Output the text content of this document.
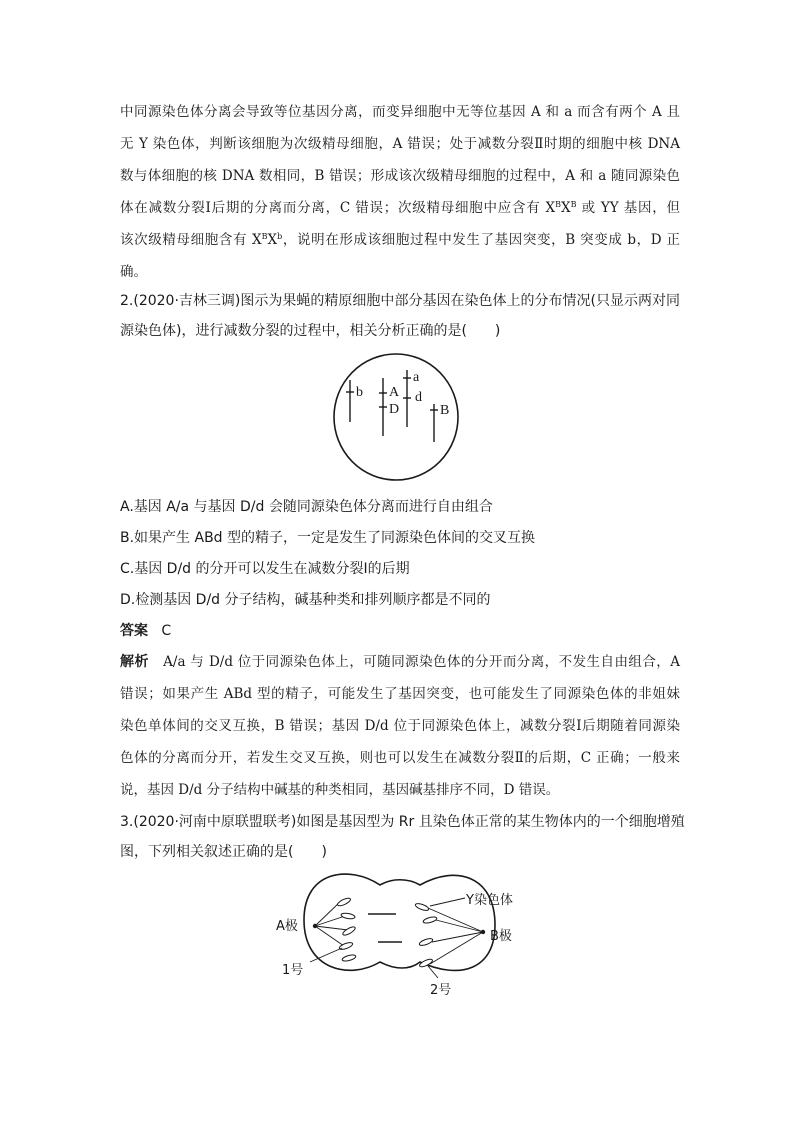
中同源染色体分离会导致等位基因分离，而变异细胞中无等位基因 A 和 a 而含有两个 A 且
无 Y 染色体，判断该细胞为次级精母细胞，A 错误；处于减数分裂Ⅱ时期的细胞中核 DNA
数与体细胞的核 DNA 数相同，B 错误；形成该次级精母细胞的过程中，A 和 a 随同源染色
体在减数分裂Ⅰ后期的分离而分离，C 错误；次级精母细胞中应含有 $X^BX^B$ 或 YY 基因，但
该次级精母细胞含有 $X^BX^b$，说明在形成该细胞过程中发生了基因突变，B 突变成 b，D 正
确。
2.(2020·吉林三调)图示为果蝇的精原细胞中部分基因在染色体上的分布情况(只显示两对同
源染色体)，进行减数分裂的过程中，相关分析正确的是(　　)
b A
D
a
d
B
A.基因 A/a 与基因 D/d 会随同源染色体分离而进行自由组合
B.如果产生 ABd 型的精子，一定是发生了同源染色体间的交叉互换
C.基因 D/d 的分开可以发生在减数分裂Ⅰ的后期
D.检测基因 D/d 分子结构，碱基种类和排列顺序都是不同的
答案 C
解析 A/a 与 D/d 位于同源染色体上，可随同源染色体的分开而分离，不发生自由组合，A
错误；如果产生 ABd 型的精子，可能发生了基因突变，也可能发生了同源染色体的非姐妹
染色单体间的交叉互换，B 错误；基因 D/d 位于同源染色体上，减数分裂Ⅰ后期随着同源染
色体的分离而分开，若发生交叉互换，则也可以发生在减数分裂Ⅱ的后期，C 正确；一般来
说，基因 D/d 分子结构中碱基的种类相同，基因碱基排序不同，D 错误。
3.(2020·河南中原联盟联考)如图是基因型为 Rr 且染色体正常的某生物体内的一个细胞增殖
图，下列相关叙述正确的是(　　)
Y染色体
A极
B极
1号
2号
